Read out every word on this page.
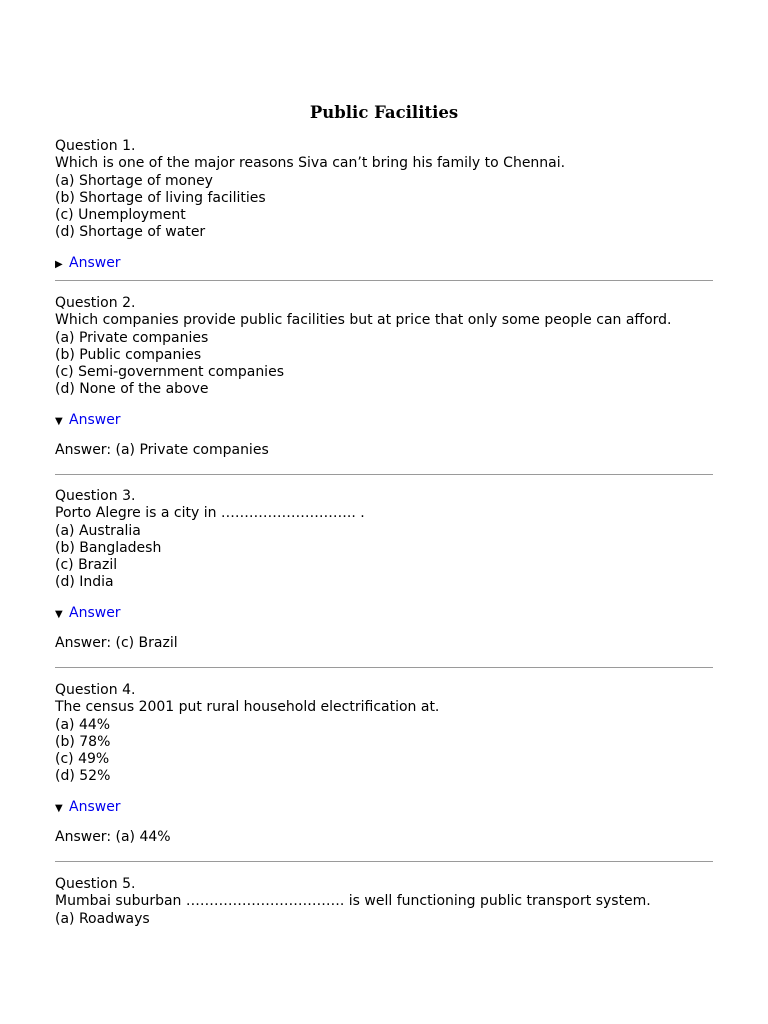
Public Facilities
Question 1.
Which is one of the major reasons Siva can’t bring his family to Chennai.
(a) Shortage of money
(b) Shortage of living facilities
(c) Unemployment
(d) Shortage of water
▶ Answer
Question 2.
Which companies provide public facilities but at price that only some people can afford.
(a) Private companies
(b) Public companies
(c) Semi-government companies
(d) None of the above
▼ Answer
Answer: (a) Private companies
Question 3.
Porto Alegre is a city in ……………………….. .
(a) Australia
(b) Bangladesh
(c) Brazil
(d) India
▼ Answer
Answer: (c) Brazil
Question 4.
The census 2001 put rural household electrification at.
(a) 44%
(b) 78%
(c) 49%
(d) 52%
▼ Answer
Answer: (a) 44%
Question 5.
Mumbai suburban ……………………………. is well functioning public transport system.
(a) Roadways
